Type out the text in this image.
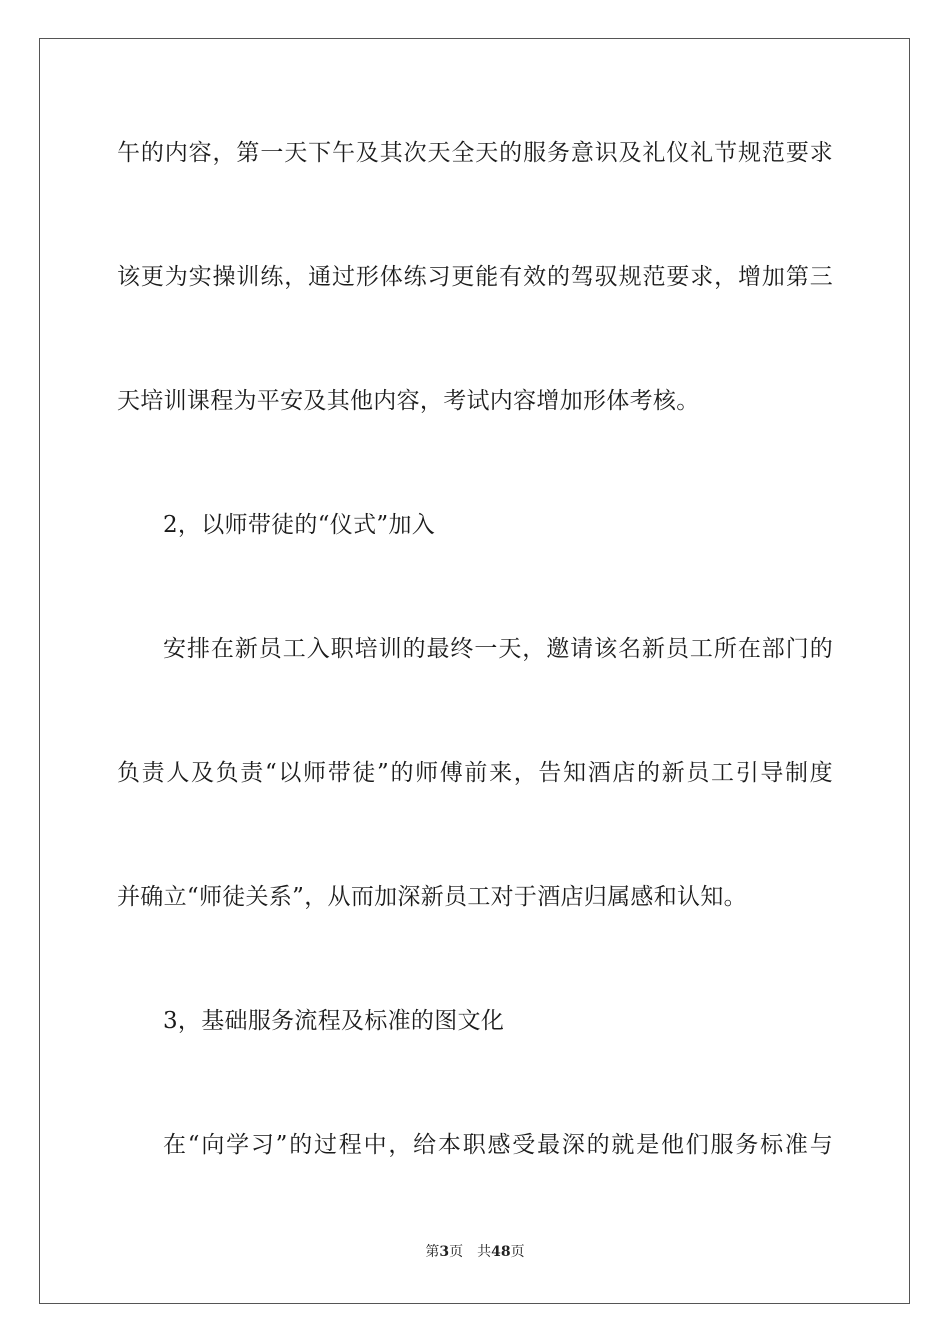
午的内容，第一天下午及其次天全天的服务意识及礼仪礼节规范要求
该更为实操训练，通过形体练习更能有效的驾驭规范要求，增加第三
天培训课程为平安及其他内容，考试内容增加形体考核。
2，以师带徒的“仪式”加入
安排在新员工入职培训的最终一天，邀请该名新员工所在部门的
负责人及负责“以师带徒”的师傅前来，告知酒店的新员工引导制度
并确立“师徒关系”，从而加深新员工对于酒店归属感和认知。
3，基础服务流程及标准的图文化
在“向学习”的过程中，给本职感受最深的就是他们服务标准与
第3页 共48页
